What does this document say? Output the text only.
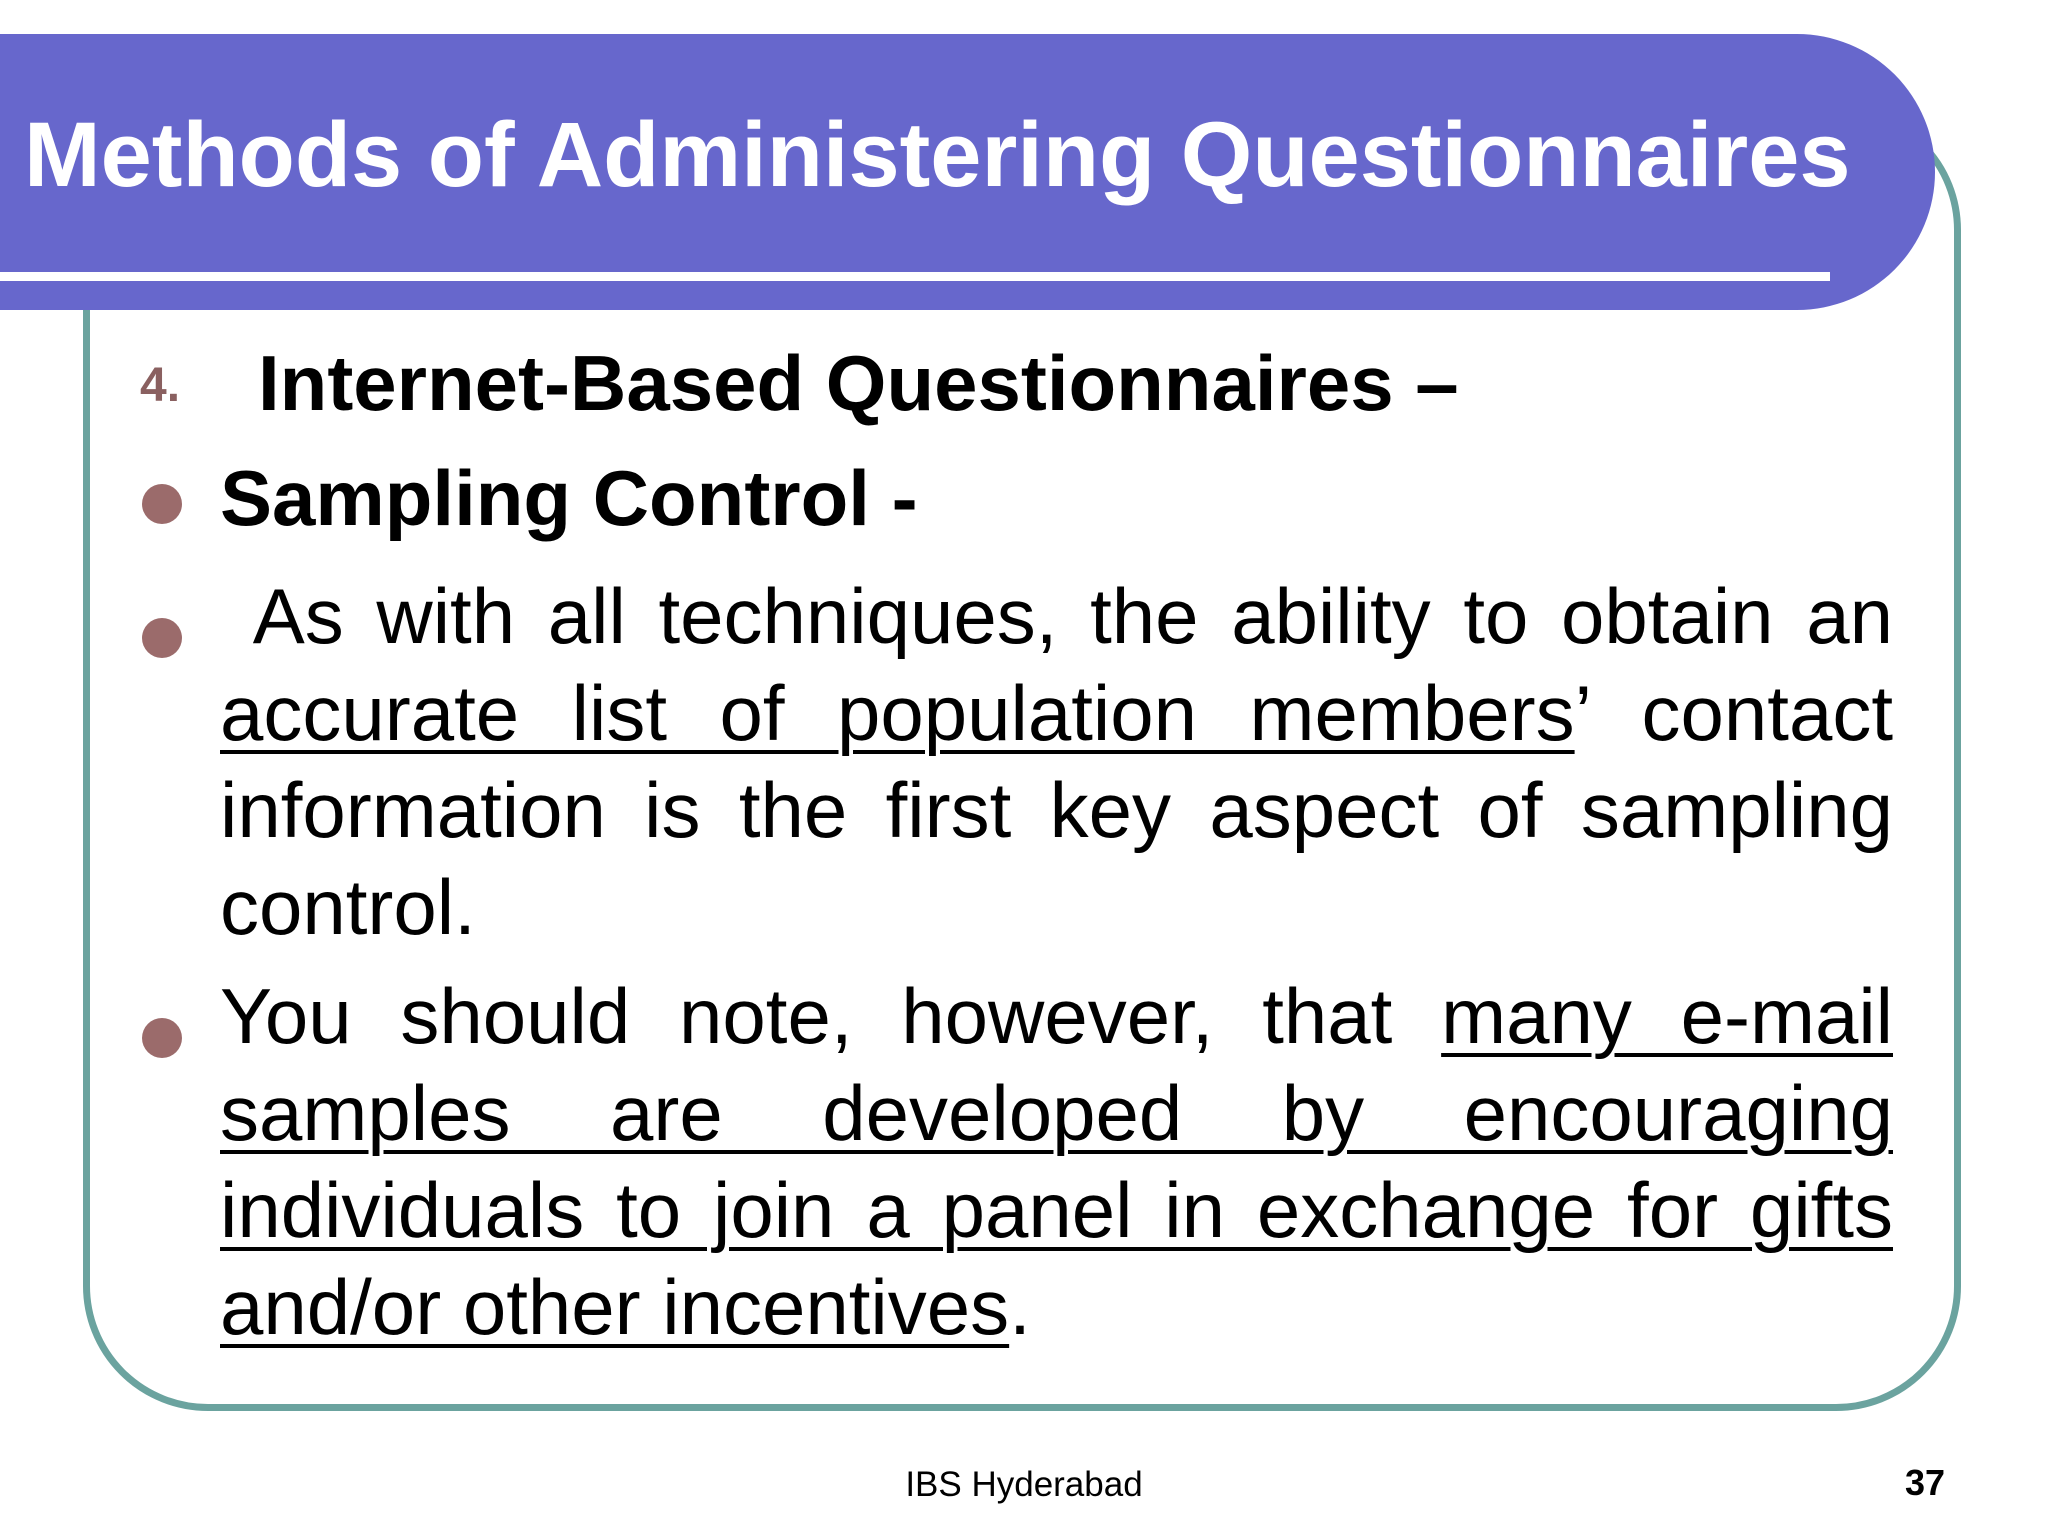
Methods of Administering Questionnaires
4. Internet-Based Questionnaires –
Sampling Control -
As with all techniques, the ability to obtain an accurate list of population members’ contact information is the first key aspect of sampling control.
You should note, however, that many e-mail samples are developed by encouraging individuals to join a panel in exchange for gifts and/or other incentives.
IBS Hyderabad	37
